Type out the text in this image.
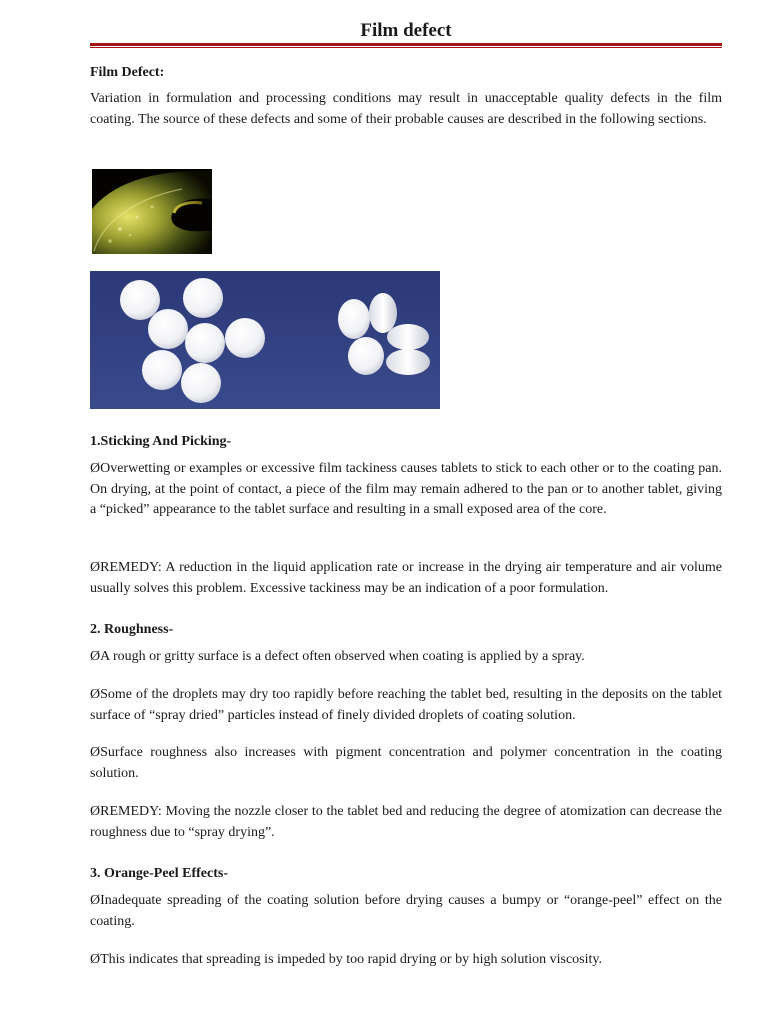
Film defect

Film Defect:

Variation in formulation and processing conditions may result in unacceptable quality defects in the film coating. The source of these defects and some of their probable causes are described in the following sections.

1.Sticking And Picking-

ØOverwetting or examples or excessive film tackiness causes tablets to stick to each other or to the coating pan. On drying, at the point of contact, a piece of the film may remain adhered to the pan or to another tablet, giving a “picked” appearance to the tablet surface and resulting in a small exposed area of the core.

ØREMEDY: A reduction in the liquid application rate or increase in the drying air temperature and air volume usually solves this problem. Excessive tackiness may be an indication of a poor formulation.

2. Roughness-

ØA rough or gritty surface is a defect often observed when coating is applied by a spray.

ØSome of the droplets may dry too rapidly before reaching the tablet bed, resulting in the deposits on the tablet surface of “spray dried” particles instead of finely divided droplets of coating solution.

ØSurface roughness also increases with pigment concentration and polymer concentration in the coating solution.

ØREMEDY: Moving the nozzle closer to the tablet bed and reducing the degree of atomization can decrease the roughness due to “spray drying”.

3. Orange-Peel Effects-

ØInadequate spreading of the coating solution before drying causes a bumpy or “orange-peel” effect on the coating.

ØThis indicates that spreading is impeded by too rapid drying or by high solution viscosity.
